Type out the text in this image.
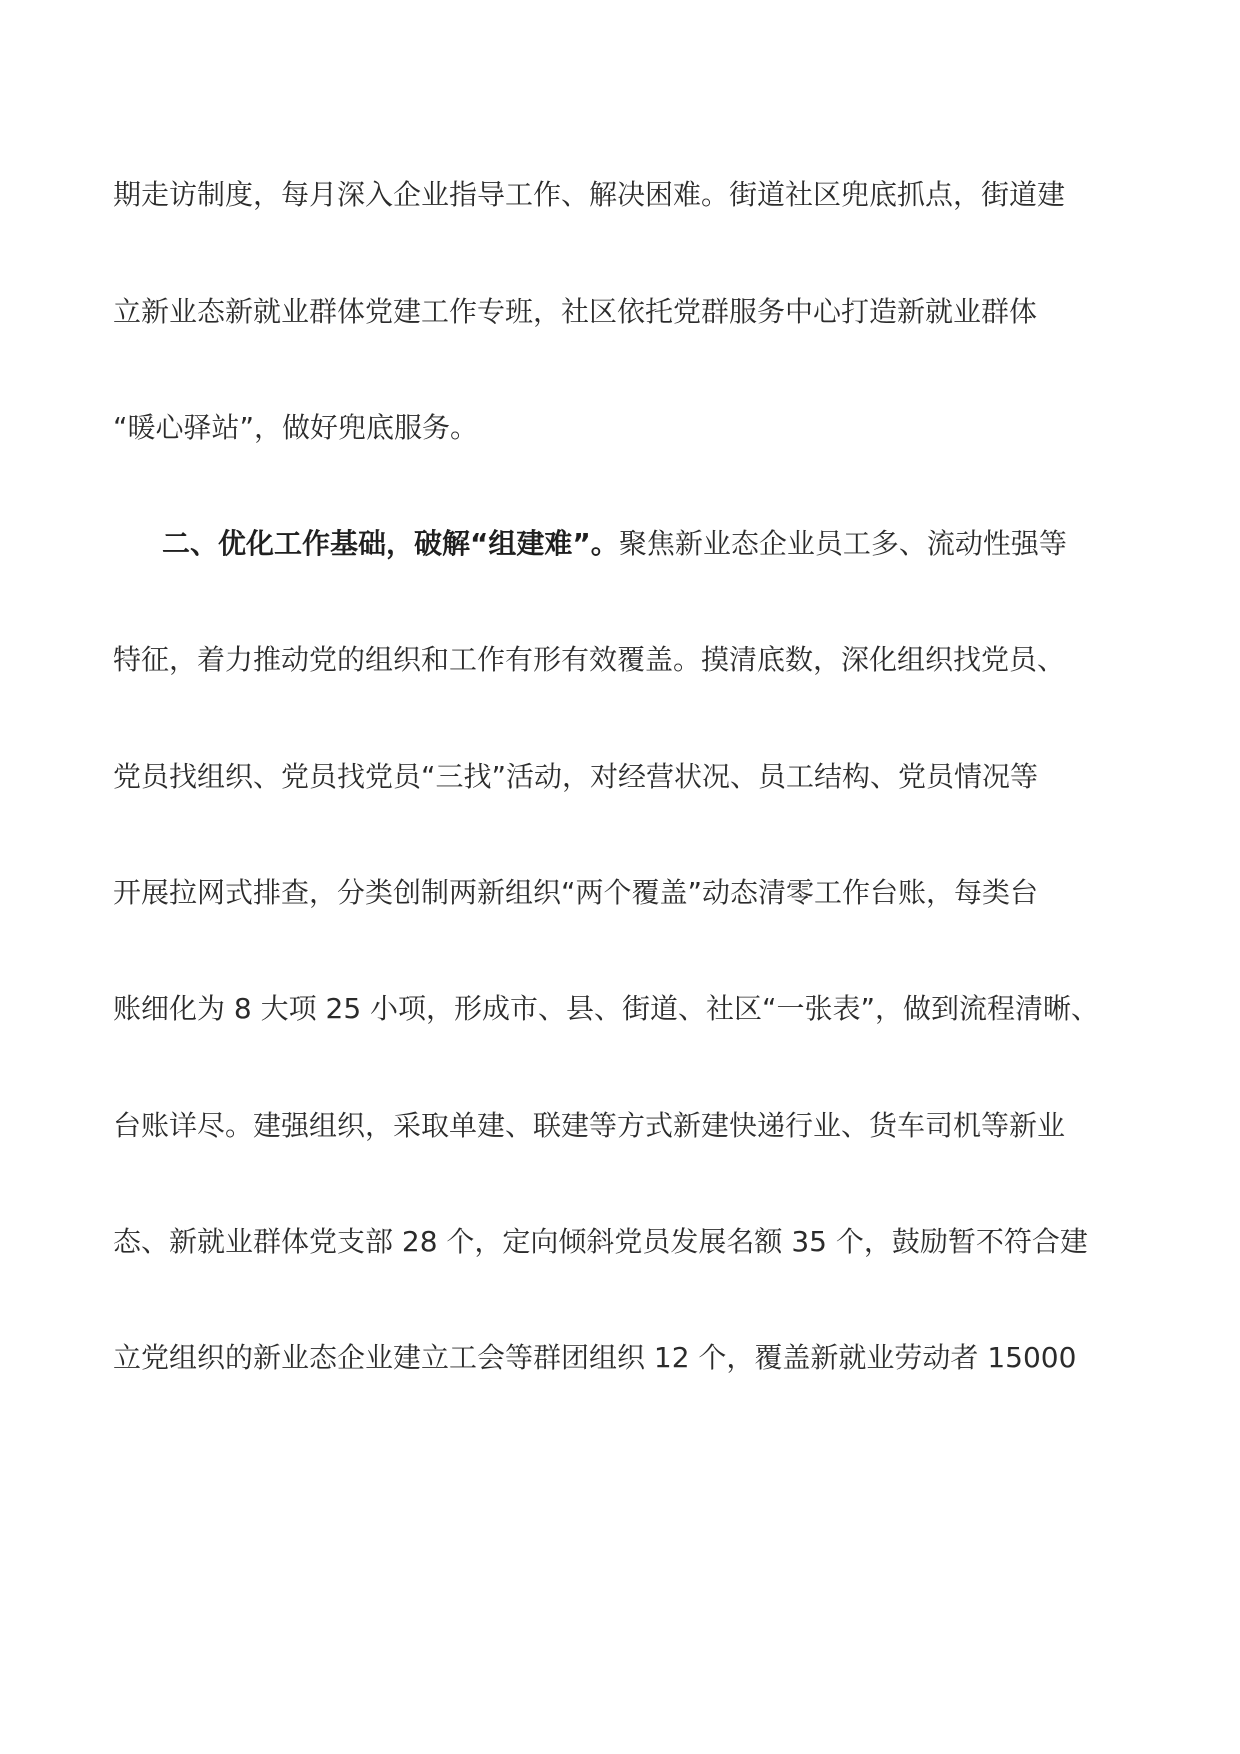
期走访制度，每月深入企业指导工作、解决困难。街道社区兜底抓点，街道建
立新业态新就业群体党建工作专班，社区依托党群服务中心打造新就业群体
“暖心驿站”，做好兜底服务。
二、优化工作基础，破解“组建难”。聚焦新业态企业员工多、流动性强等
特征，着力推动党的组织和工作有形有效覆盖。摸清底数，深化组织找党员、
党员找组织、党员找党员“三找”活动，对经营状况、员工结构、党员情况等
开展拉网式排查，分类创制两新组织“两个覆盖”动态清零工作台账，每类台
账细化为 8 大项 25 小项，形成市、县、街道、社区“一张表”，做到流程清晰、
台账详尽。建强组织，采取单建、联建等方式新建快递行业、货车司机等新业
态、新就业群体党支部 28 个，定向倾斜党员发展名额 35 个，鼓励暂不符合建
立党组织的新业态企业建立工会等群团组织 12 个，覆盖新就业劳动者 15000
